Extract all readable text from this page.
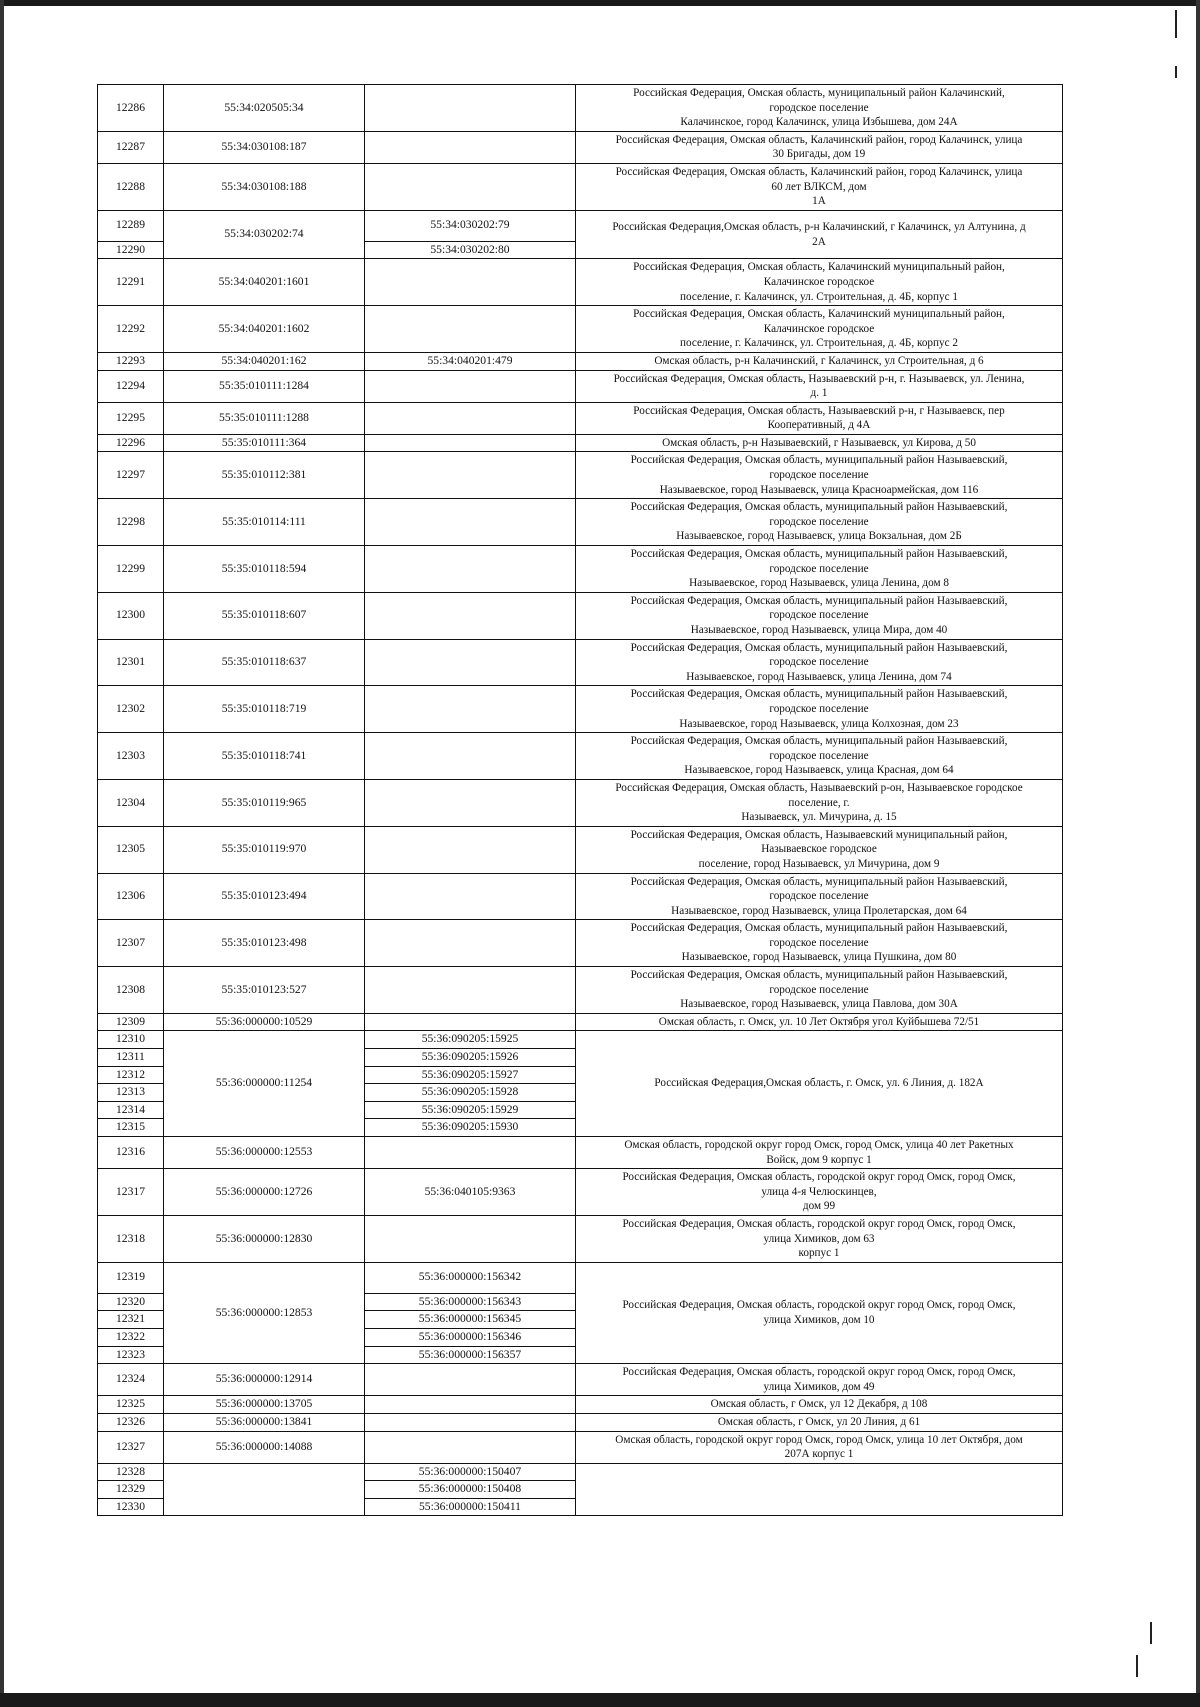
12286	55:34:020505:34		Российская Федерация, Омская область, муниципальный район Калачинский,
городское поселение
Калачинское, город Калачинск, улица Избышева, дом 24А

12287	55:34:030108:187		Российская Федерация, Омская область, Калачинский район, город Калачинск, улица
30 Бригады, дом 19

12288	55:34:030108:188		Российская Федерация, Омская область, Калачинский район, город Калачинск, улица
60 лет ВЛКСМ, дом
1А

12289	55:34:030202:74	55:34:030202:79	Российская Федерация,Омская область, р-н Калачинский, г Калачинск, ул Алтунина, д
2А

12290		55:34:030202:80	
12291	55:34:040201:1601		Российская Федерация, Омская область, Калачинский муниципальный район,
Калачинское городское
поселение, г. Калачинск, ул. Строительная, д. 4Б, корпус 1

12292	55:34:040201:1602		Российская Федерация, Омская область, Калачинский муниципальный район,
Калачинское городское
поселение, г. Калачинск, ул. Строительная, д. 4Б, корпус 2

12293	55:34:040201:162	55:34:040201:479	Омская область, р-н Калачинский, г Калачинск, ул Строительная, д 6

12294	55:35:010111:1284		Российская Федерация, Омская область, Называевский р-н, г. Называевск, ул. Ленина,
д. 1

12295	55:35:010111:1288		Российская Федерация, Омская область, Называевский р-н, г Называевск, пер
Кооперативный, д 4А

12296	55:35:010111:364		Омская область, р-н Называевский, г Называевск, ул Кирова, д 50

12297	55:35:010112:381		Российская Федерация, Омская область, муниципальный район Называевский,
городское поселение
Называевское, город Называевск, улица Красноармейская, дом 116

12298	55:35:010114:111		Российская Федерация, Омская область, муниципальный район Называевский,
городское поселение
Называевское, город Называевск, улица Вокзальная, дом 2Б

12299	55:35:010118:594		Российская Федерация, Омская область, муниципальный район Называевский,
городское поселение
Называевское, город Называевск, улица Ленина, дом 8

12300	55:35:010118:607		Российская Федерация, Омская область, муниципальный район Называевский,
городское поселение
Называевское, город Называевск, улица Мира, дом 40

12301	55:35:010118:637		Российская Федерация, Омская область, муниципальный район Называевский,
городское поселение
Называевское, город Называевск, улица Ленина, дом 74

12302	55:35:010118:719		Российская Федерация, Омская область, муниципальный район Называевский,
городское поселение
Называевское, город Называевск, улица Колхозная, дом 23

12303	55:35:010118:741		Российская Федерация, Омская область, муниципальный район Называевский,
городское поселение
Называевское, город Называевск, улица Красная, дом 64

12304	55:35:010119:965		Российская Федерация, Омская область, Называевский р-он, Называевское городское
поселение, г.
Называевск, ул. Мичурина, д. 15

12305	55:35:010119:970		Российская Федерация, Омская область, Называевский муниципальный район,
Называевское городское
поселение, город Называевск, ул Мичурина, дом 9

12306	55:35:010123:494		Российская Федерация, Омская область, муниципальный район Называевский,
городское поселение
Называевское, город Называевск, улица Пролетарская, дом 64

12307	55:35:010123:498		Российская Федерация, Омская область, муниципальный район Называевский,
городское поселение
Называевское, город Называевск, улица Пушкина, дом 80

12308	55:35:010123:527		Российская Федерация, Омская область, муниципальный район Называевский,
городское поселение
Называевское, город Называевск, улица Павлова, дом 30А

12309	55:36:000000:10529		Омская область, г. Омск, ул. 10 Лет Октября угол Куйбышева 72/51

12310	55:36:000000:11254	55:36:090205:15925	Российская Федерация,Омская область, г. Омск, ул. 6 Линия, д. 182А

12311		55:36:090205:15926	
12312		55:36:090205:15927	
12313		55:36:090205:15928	
12314		55:36:090205:15929	
12315		55:36:090205:15930	
12316	55:36:000000:12553		Омская область, городской округ город Омск, город Омск, улица 40 лет Ракетных
Войск, дом 9 корпус 1

12317	55:36:000000:12726	55:36:040105:9363	Российская Федерация, Омская область, городской округ город Омск, город Омск,
улица 4-я Челюскинцев,
дом 99

12318	55:36:000000:12830		Российская Федерация, Омская область, городской округ город Омск, город Омск,
улица Химиков, дом 63
корпус 1

12319	55:36:000000:12853	55:36:000000:156342	Российская Федерация, Омская область, городской округ город Омск, город Омск,
улица Химиков, дом 10

12320		55:36:000000:156343	
12321		55:36:000000:156345	
12322		55:36:000000:156346	
12323		55:36:000000:156357	
12324	55:36:000000:12914		Российская Федерация, Омская область, городской округ город Омск, город Омск,
улица Химиков, дом 49

12325	55:36:000000:13705		Омская область, г Омск, ул 12 Декабря, д 108

12326	55:36:000000:13841		Омская область, г Омск, ул 20 Линия, д 61

12327	55:36:000000:14088		Омская область, городской округ город Омск, город Омск, улица 10 лет Октября, дом
207А корпус 1

12328		55:36:000000:150407	
12329		55:36:000000:150408	
12330		55:36:000000:150411	
